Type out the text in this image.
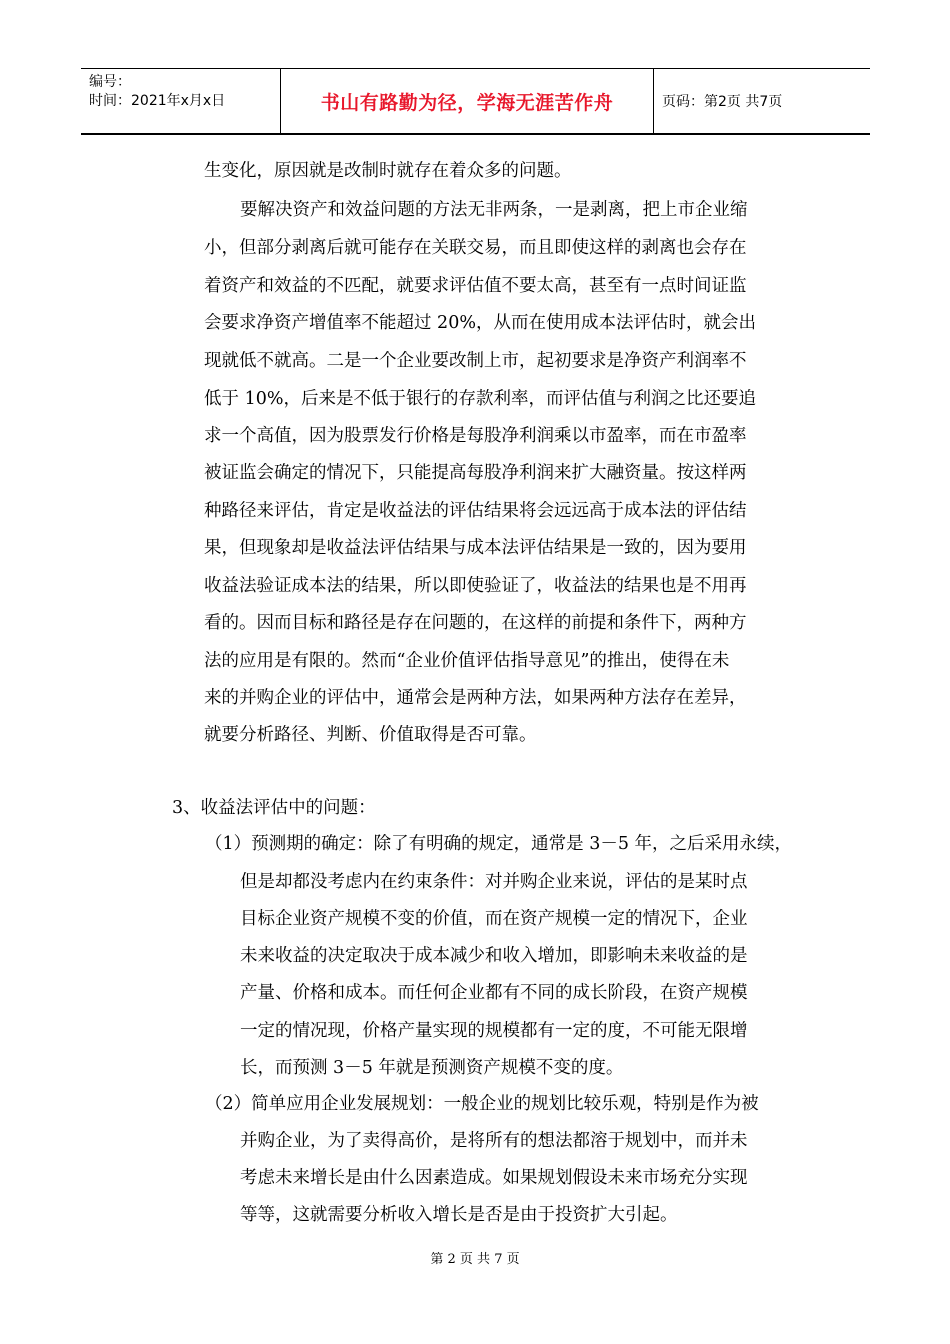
编号：
时间：2021年x月x日	书山有路勤为径，学海无涯苦作舟	页码：第2页 共7页
生变化，原因就是改制时就存在着众多的问题。
要解决资产和效益问题的方法无非两条，一是剥离，把上市企业缩
小，但部分剥离后就可能存在关联交易，而且即使这样的剥离也会存在
着资产和效益的不匹配，就要求评估值不要太高，甚至有一点时间证监
会要求净资产增值率不能超过 20%，从而在使用成本法评估时，就会出
现就低不就高。二是一个企业要改制上市，起初要求是净资产利润率不
低于 10%，后来是不低于银行的存款利率，而评估值与利润之比还要追
求一个高值，因为股票发行价格是每股净利润乘以市盈率，而在市盈率
被证监会确定的情况下，只能提高每股净利润来扩大融资量。按这样两
种路径来评估，肯定是收益法的评估结果将会远远高于成本法的评估结
果，但现象却是收益法评估结果与成本法评估结果是一致的，因为要用
收益法验证成本法的结果，所以即使验证了，收益法的结果也是不用再
看的。因而目标和路径是存在问题的，在这样的前提和条件下，两种方
法的应用是有限的。然而“企业价值评估指导意见”的推出，使得在未
来的并购企业的评估中，通常会是两种方法，如果两种方法存在差异，
就要分析路径、判断、价值取得是否可靠。
3、收益法评估中的问题：
（1）预测期的确定：除了有明确的规定，通常是 3－5 年，之后采用永续，
但是却都没考虑内在约束条件：对并购企业来说，评估的是某时点
目标企业资产规模不变的价值，而在资产规模一定的情况下，企业
未来收益的决定取决于成本减少和收入增加，即影响未来收益的是
产量、价格和成本。而任何企业都有不同的成长阶段，在资产规模
一定的情况现，价格产量实现的规模都有一定的度，不可能无限增
长，而预测 3－5 年就是预测资产规模不变的度。
（2）简单应用企业发展规划：一般企业的规划比较乐观，特别是作为被
并购企业，为了卖得高价，是将所有的想法都溶于规划中，而并未
考虑未来增长是由什么因素造成。如果规划假设未来市场充分实现
等等，这就需要分析收入增长是否是由于投资扩大引起。
第 2 页 共 7 页
